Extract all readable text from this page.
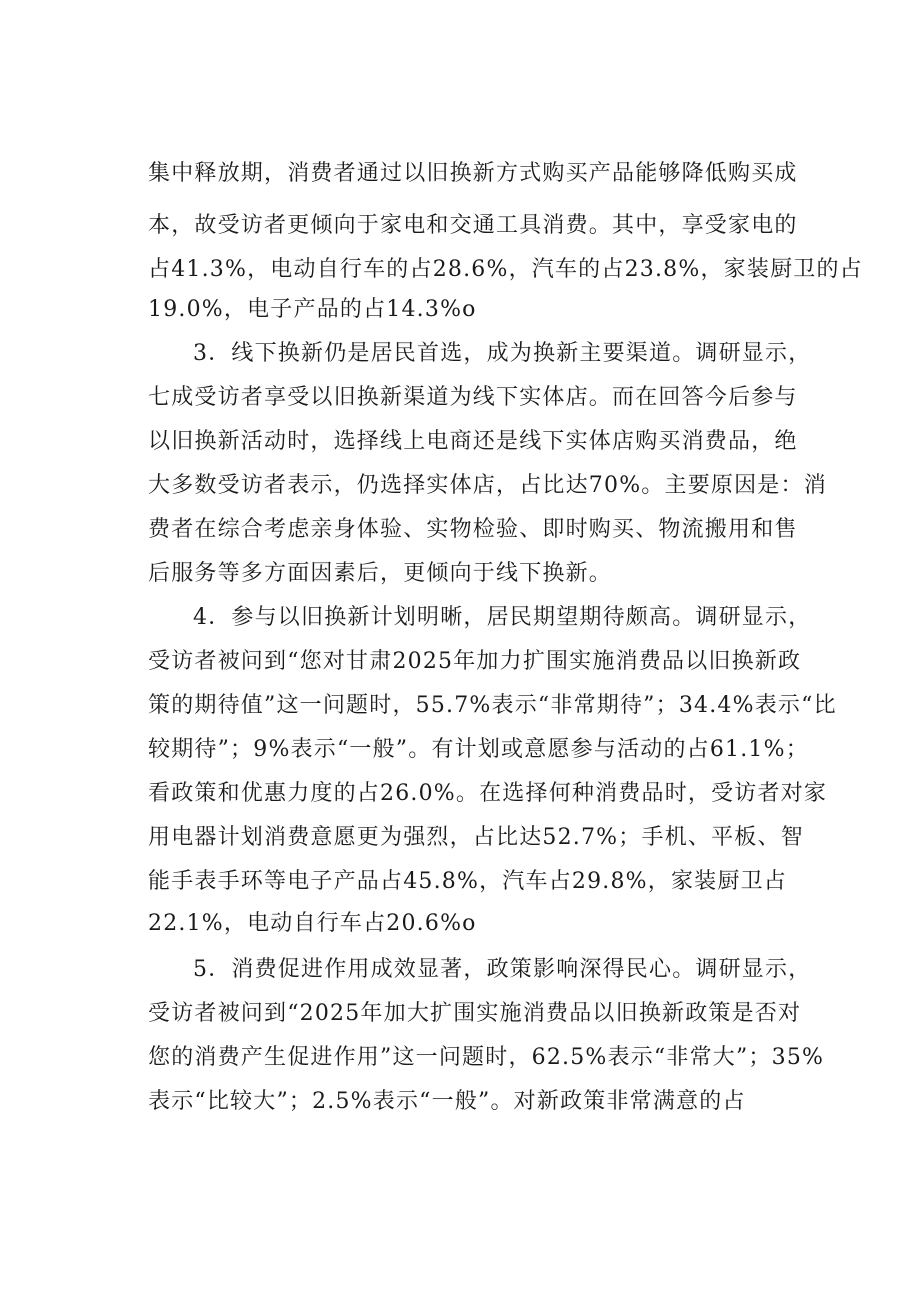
集中释放期，消费者通过以旧换新方式购买产品能够降低购买成
本，故受访者更倾向于家电和交通工具消费。其中，享受家电的
占41.3%，电动自行车的占28.6%，汽车的占23.8%，家装厨卫的占
19.0%，电子产品的占14.3%o
3．线下换新仍是居民首选，成为换新主要渠道。调研显示，
七成受访者享受以旧换新渠道为线下实体店。而在回答今后参与
以旧换新活动时，选择线上电商还是线下实体店购买消费品，绝
大多数受访者表示，仍选择实体店，占比达70%。主要原因是：消
费者在综合考虑亲身体验、实物检验、即时购买、物流搬用和售
后服务等多方面因素后，更倾向于线下换新。
4．参与以旧换新计划明晰，居民期望期待颇高。调研显示，
受访者被问到“您对甘肃2025年加力扩围实施消费品以旧换新政
策的期待值”这一问题时，55.7%表示“非常期待”；34.4%表示“比
较期待”；9%表示“一般”。有计划或意愿参与活动的占61.1%；
看政策和优惠力度的占26.0%。在选择何种消费品时，受访者对家
用电器计划消费意愿更为强烈，占比达52.7%；手机、平板、智
能手表手环等电子产品占45.8%，汽车占29.8%，家装厨卫占
22.1%，电动自行车占20.6%o
5．消费促进作用成效显著，政策影响深得民心。调研显示，
受访者被问到“2025年加大扩围实施消费品以旧换新政策是否对
您的消费产生促进作用”这一问题时，62.5%表示“非常大”；35%
表示“比较大”；2.5%表示“一般”。对新政策非常满意的占
